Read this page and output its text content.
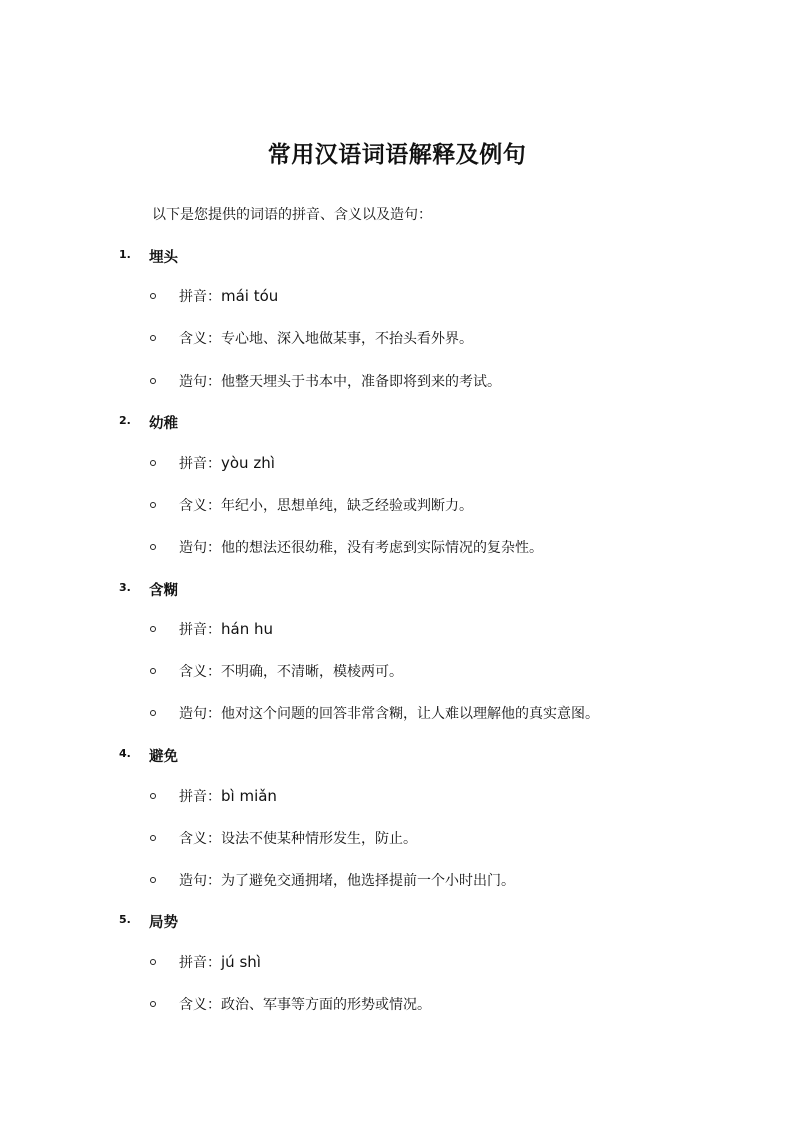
常用汉语词语解释及例句
以下是您提供的词语的拼音、含义以及造句：
1. 埋头
拼音：mái tóu
含义：专心地、深入地做某事，不抬头看外界。
造句：他整天埋头于书本中，准备即将到来的考试。
2. 幼稚
拼音：yòu zhì
含义：年纪小，思想单纯，缺乏经验或判断力。
造句：他的想法还很幼稚，没有考虑到实际情况的复杂性。
3. 含糊
拼音：hán hu
含义：不明确，不清晰，模棱两可。
造句：他对这个问题的回答非常含糊，让人难以理解他的真实意图。
4. 避免
拼音：bì miǎn
含义：设法不使某种情形发生，防止。
造句：为了避免交通拥堵，他选择提前一个小时出门。
5. 局势
拼音：jú shì
含义：政治、军事等方面的形势或情况。
